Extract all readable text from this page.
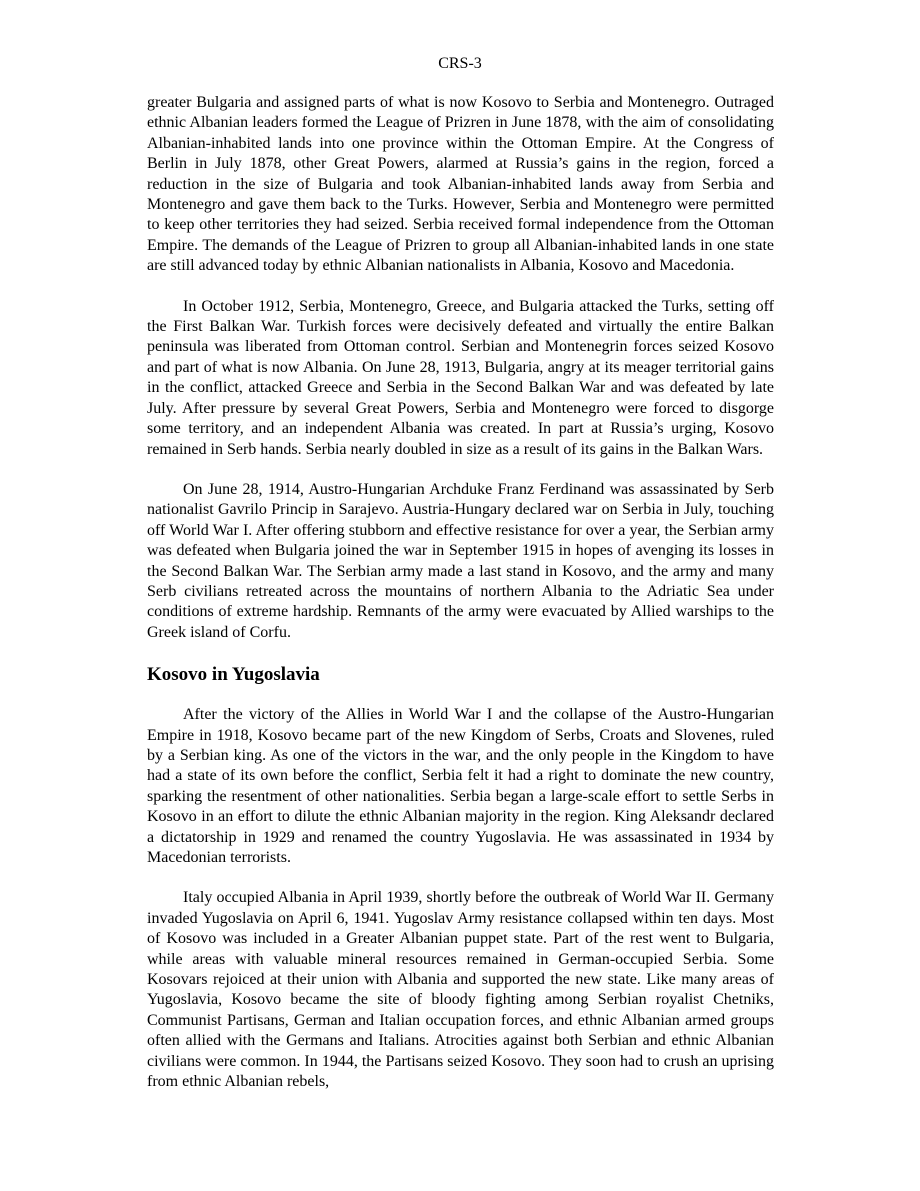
CRS-3

greater Bulgaria and assigned parts of what is now Kosovo to Serbia and Montenegro. Outraged ethnic Albanian leaders formed the League of Prizren in June 1878, with the aim of consolidating Albanian-inhabited lands into one province within the Ottoman Empire. At the Congress of Berlin in July 1878, other Great Powers, alarmed at Russia’s gains in the region, forced a reduction in the size of Bulgaria and took Albanian-inhabited lands away from Serbia and Montenegro and gave them back to the Turks. However, Serbia and Montenegro were permitted to keep other territories they had seized. Serbia received formal independence from the Ottoman Empire. The demands of the League of Prizren to group all Albanian-inhabited lands in one state are still advanced today by ethnic Albanian nationalists in Albania, Kosovo and Macedonia.

In October 1912, Serbia, Montenegro, Greece, and Bulgaria attacked the Turks, setting off the First Balkan War. Turkish forces were decisively defeated and virtually the entire Balkan peninsula was liberated from Ottoman control. Serbian and Montenegrin forces seized Kosovo and part of what is now Albania. On June 28, 1913, Bulgaria, angry at its meager territorial gains in the conflict, attacked Greece and Serbia in the Second Balkan War and was defeated by late July. After pressure by several Great Powers, Serbia and Montenegro were forced to disgorge some territory, and an independent Albania was created. In part at Russia’s urging, Kosovo remained in Serb hands. Serbia nearly doubled in size as a result of its gains in the Balkan Wars.

On June 28, 1914, Austro-Hungarian Archduke Franz Ferdinand was assassinated by Serb nationalist Gavrilo Princip in Sarajevo. Austria-Hungary declared war on Serbia in July, touching off World War I. After offering stubborn and effective resistance for over a year, the Serbian army was defeated when Bulgaria joined the war in September 1915 in hopes of avenging its losses in the Second Balkan War. The Serbian army made a last stand in Kosovo, and the army and many Serb civilians retreated across the mountains of northern Albania to the Adriatic Sea under conditions of extreme hardship. Remnants of the army were evacuated by Allied warships to the Greek island of Corfu.

Kosovo in Yugoslavia

After the victory of the Allies in World War I and the collapse of the Austro-Hungarian Empire in 1918, Kosovo became part of the new Kingdom of Serbs, Croats and Slovenes, ruled by a Serbian king. As one of the victors in the war, and the only people in the Kingdom to have had a state of its own before the conflict, Serbia felt it had a right to dominate the new country, sparking the resentment of other nationalities. Serbia began a large-scale effort to settle Serbs in Kosovo in an effort to dilute the ethnic Albanian majority in the region. King Aleksandr declared a dictatorship in 1929 and renamed the country Yugoslavia. He was assassinated in 1934 by Macedonian terrorists.

Italy occupied Albania in April 1939, shortly before the outbreak of World War II. Germany invaded Yugoslavia on April 6, 1941. Yugoslav Army resistance collapsed within ten days. Most of Kosovo was included in a Greater Albanian puppet state. Part of the rest went to Bulgaria, while areas with valuable mineral resources remained in German-occupied Serbia. Some Kosovars rejoiced at their union with Albania and supported the new state. Like many areas of Yugoslavia, Kosovo became the site of bloody fighting among Serbian royalist Chetniks, Communist Partisans, German and Italian occupation forces, and ethnic Albanian armed groups often allied with the Germans and Italians. Atrocities against both Serbian and ethnic Albanian civilians were common. In 1944, the Partisans seized Kosovo. They soon had to crush an uprising from ethnic Albanian rebels,
